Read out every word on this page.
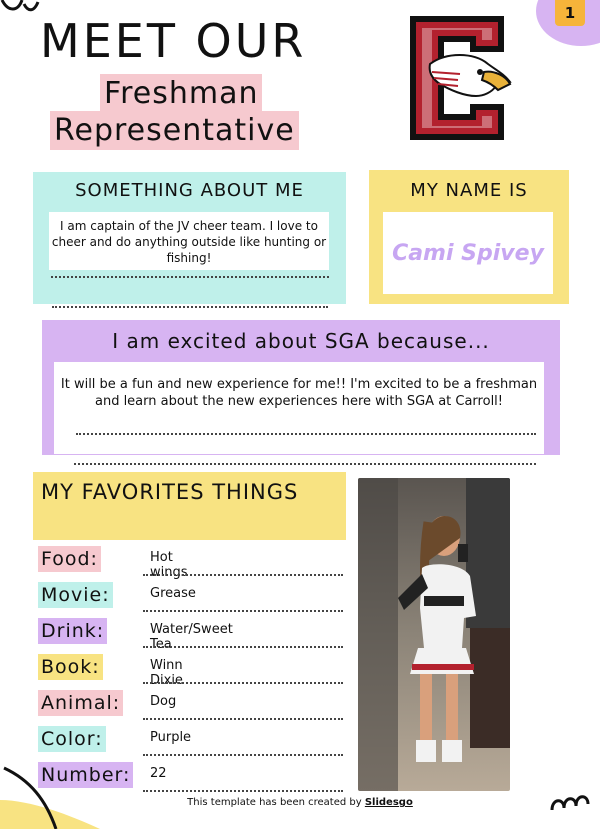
1
MEET OUR
Freshman
Representative
SOMETHING ABOUT ME
I am captain of the JV cheer team. I love to cheer and do anything outside like hunting or fishing!
MY NAME IS
Cami Spivey
I am excited about SGA because...
It will be a fun and new experience for me!! I'm excited to be a freshman and learn about the new experiences here with SGA at Carroll!
MY FAVORITES THINGS
Food:	Hot wings
Movie:	Grease
Drink:	Water/Sweet Tea
Book:	Winn Dixie
Animal: Dog
Color:	Purple
Number: 22
This template has been created by Slidesgo
